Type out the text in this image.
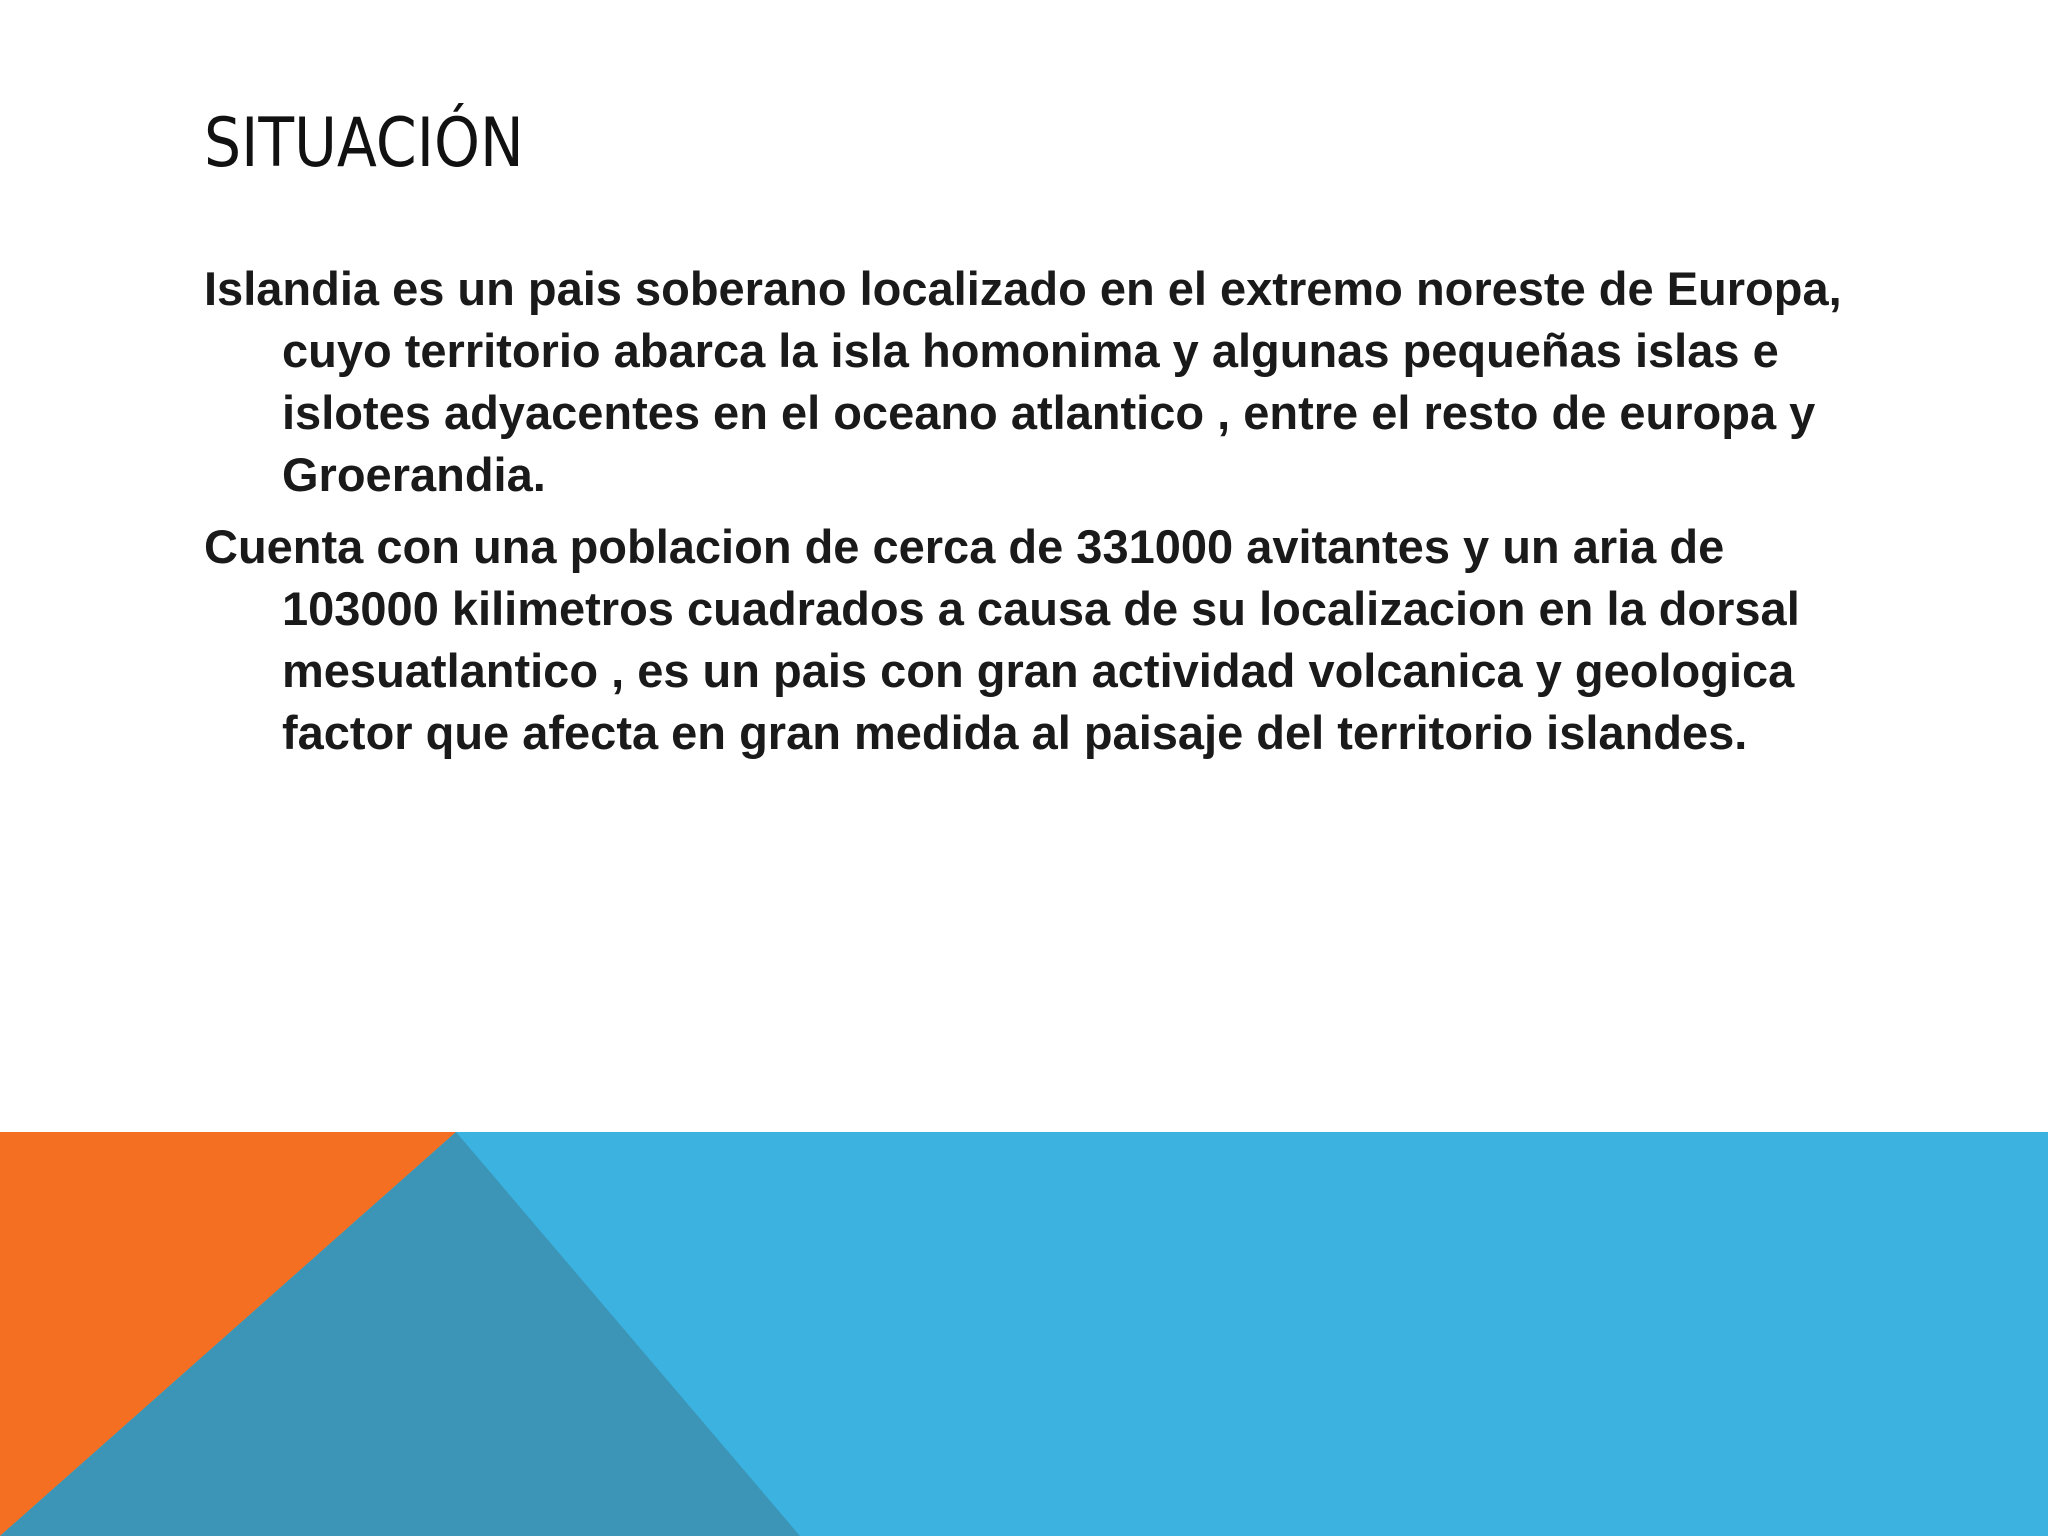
SITUACIÓN

Islandia es un pais soberano localizado en el extremo noreste de Europa, cuyo territorio abarca la isla homonima y algunas pequeñas islas e islotes adyacentes en el oceano atlantico , entre el resto de europa y Groerandia.

Cuenta con una poblacion de cerca de 331000 avitantes y un aria de 103000 kilimetros cuadrados a causa de su localizacion en la dorsal mesuatlantico , es un pais con gran actividad volcanica y geologica factor que afecta en gran medida al paisaje del territorio islandes.
